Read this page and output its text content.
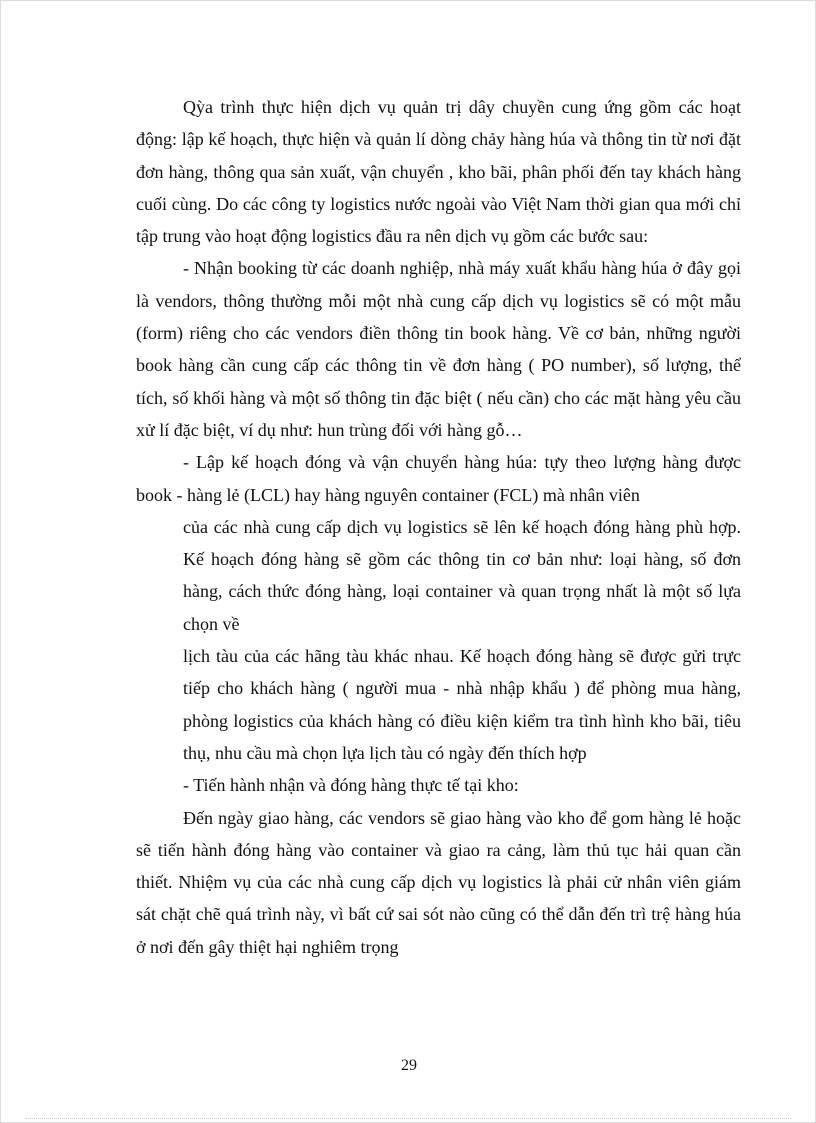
Qỳa trình thực hiện dịch vụ quản trị dây chuyền cung ứng gồm các hoạt động: lập kế hoạch, thực hiện và quản lí dòng chảy hàng húa và thông tin từ nơi đặt đơn hàng, thông qua sản xuất, vận chuyển , kho bãi, phân phối đến tay khách hàng cuối cùng. Do các công ty logistics nước ngoài vào Việt Nam thời gian qua mới chỉ tập trung vào hoạt động logistics đầu ra nên dịch vụ gồm các bước sau:

- Nhận booking từ các doanh nghiệp, nhà máy xuất khẩu hàng húa ở đây gọi là vendors, thông thường mỗi một nhà cung cấp dịch vụ logistics sẽ có một mẫu (form) riêng cho các vendors điền thông tin book hàng. Về cơ bản, những người book hàng cần cung cấp các thông tin về đơn hàng ( PO number), số lượng, thể tích, số khối hàng và một số thông tin đặc biệt ( nếu cần) cho các mặt hàng yêu cầu xử lí đặc biệt, ví dụ như: hun trùng đối với hàng gỗ…

- Lập kế hoạch đóng và vận chuyển hàng húa: tựy theo lượng hàng được book - hàng lẻ (LCL) hay hàng nguyên container (FCL) mà nhân viên

của các nhà cung cấp dịch vụ logistics sẽ lên kế hoạch đóng hàng phù hợp. Kế hoạch đóng hàng sẽ gồm các thông tin cơ bản như: loại hàng, số đơn hàng, cách thức đóng hàng, loại container và quan trọng nhất là một số lựa chọn về

lịch tàu của các hãng tàu khác nhau. Kế hoạch đóng hàng sẽ được gửi trực tiếp cho khách hàng ( người mua - nhà nhập khẩu ) để phòng mua hàng, phòng logistics của khách hàng có điều kiện kiểm tra tình hình kho bãi, tiêu thụ, nhu cầu mà chọn lựa lịch tàu có ngày đến thích hợp

- Tiến hành nhận và đóng hàng thực tế tại kho:

Đến ngày giao hàng, các vendors sẽ giao hàng vào kho để gom hàng lẻ hoặc sẽ tiến hành đóng hàng vào container và giao ra cảng, làm thủ tục hải quan cần thiết. Nhiệm vụ của các nhà cung cấp dịch vụ logistics là phải cử nhân viên giám sát chặt chẽ quá trình này, vì bất cứ sai sót nào cũng có thể dẫn đến trì trệ hàng húa ở nơi đến gây thiệt hại nghiêm trọng

29
